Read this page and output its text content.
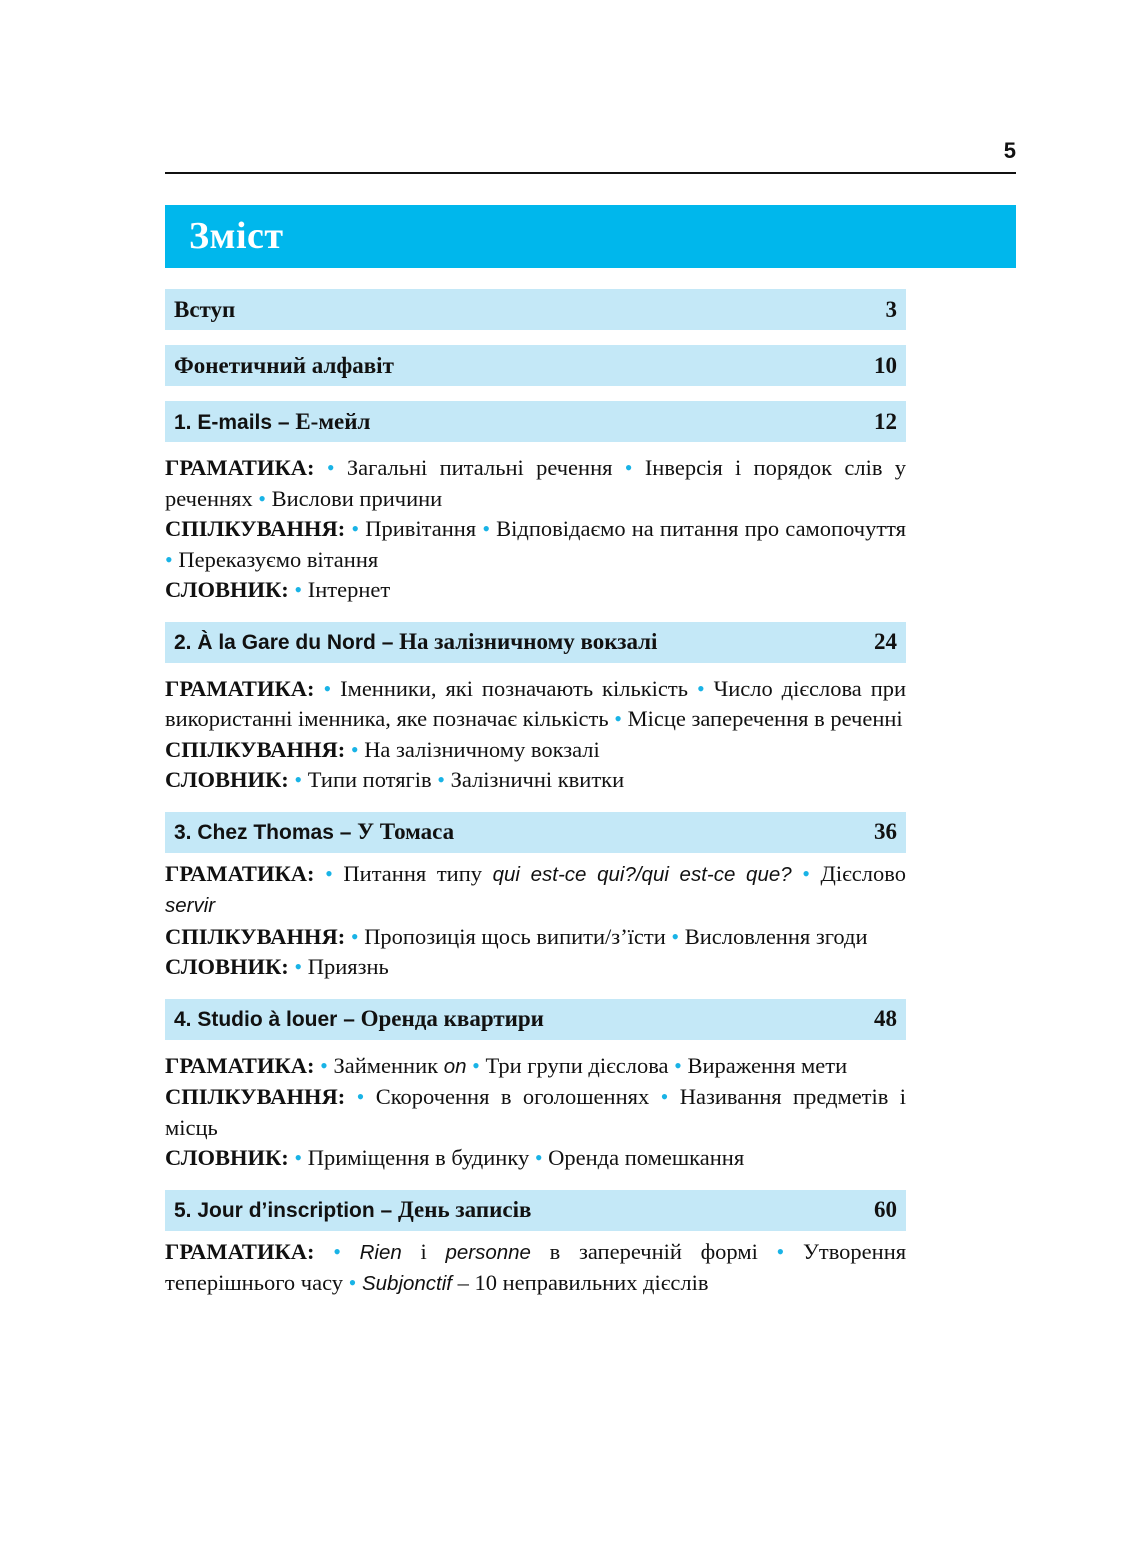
5
Зміст
Вступ	3
Фонетичний алфавіт	10
1. E-mails – Е-мейл	12

ГРАМАТИКА: • Загальні питальні речення • Інверсія і порядок слів у реченнях • Вислови причини

СПІЛКУВАННЯ: • Привітання • Відповідаємо на питання про самопочуття • Переказуємо вітання

СЛОВНИК: • Інтернет

2. À la Gare du Nord – На залізничному вокзалі	24

ГРАМАТИКА: • Іменники, які позначають кількість • Число дієслова при використанні іменника, яке позначає кількість • Місце заперечення в реченні

СПІЛКУВАННЯ: • На залізничному вокзалі

СЛОВНИК: • Типи потягів • Залізничні квитки

3. Chez Thomas – У Томаса	36

ГРАМАТИКА: • Питання типу qui est-ce qui?/qui est-ce que? • Дієслово servir

СПІЛКУВАННЯ: • Пропозиція щось випити/з’їсти • Висловлення згоди

СЛОВНИК: • Приязнь

4. Studio à louer – Оренда квартири	48

ГРАМАТИКА: • Займенник on • Три групи дієслова • Вираження мети

СПІЛКУВАННЯ: • Скорочення в оголошеннях • Називання предметів і місць

СЛОВНИК: • Приміщення в будинку • Оренда помешкання

5. Jour d’inscription – День записів	60

ГРАМАТИКА: • Rien і personne в заперечній формі • Утворення теперішнього часу • Subjonctif – 10 неправильних дієслів
